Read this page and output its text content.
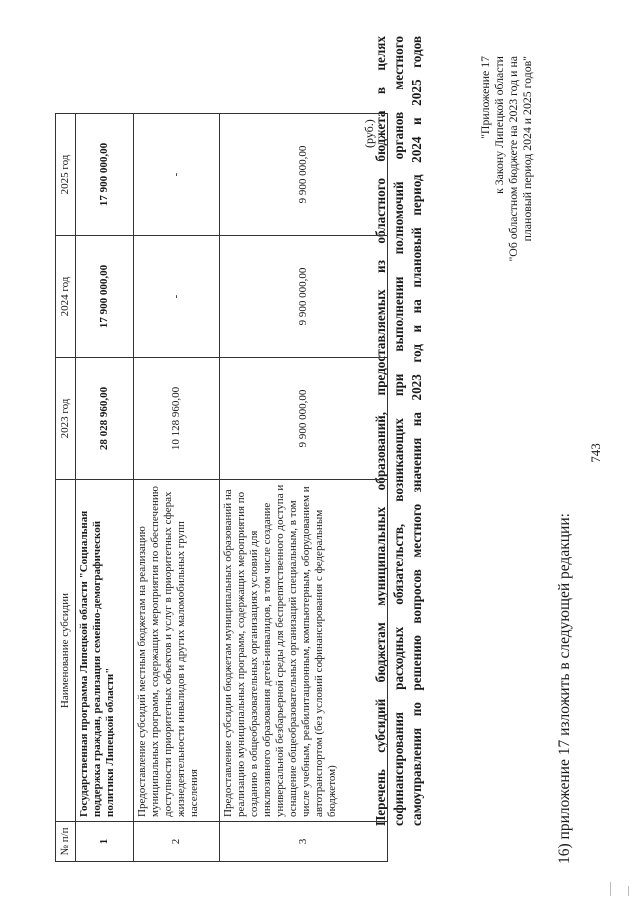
743
16) приложение 17 изложить в следующей редакции:
"Приложение 17 к Закону Липецкой области "Об областном бюджете на 2023 год и на плановый период 2024 и 2025 годов"
Перечень субсидий бюджетам муниципальных образований, предоставляемых из областного бюджета в целях софинансирования расходных обязательств, возникающих при выполнении полномочий органов местного самоуправления по решению вопросов местного значения на 2023 год и на плановый период 2024 и 2025 годов
№ п/п	Наименование субсидии	2023 год	2024 год	2025 год
1	Государственная программа Липецкой области "Социальная поддержка граждан, реализация семейно-демографической политики Липецкой области"	28 028 960,00	17 900 000,00	17 900 000,00
2	Предоставление субсидий местным бюджетам на реализацию муниципальных программ, содержащих мероприятия по обеспечению доступности приоритетных объектов и услуг в приоритетных сферах жизнедеятельности инвалидов и других маломобильных групп населения	10 128 960,00	-	-
3	Предоставление субсидии бюджетам муниципальных образований на реализацию муниципальных программ, содержащих мероприятия по созданию в общеобразовательных организациях условий для инклюзивного образования детей-инвалидов, в том числе создание универсальной безбарьерной среды для беспрепятственного доступа и оснащение общеобразовательных организаций специальным, в том числе учебным, реабилитационным, компьютерным, оборудованием и автотранспортом (без условий софинансирования с федеральным бюджетом)	9 900 000,00	9 900 000,00	9 900 000,00
(руб.)
